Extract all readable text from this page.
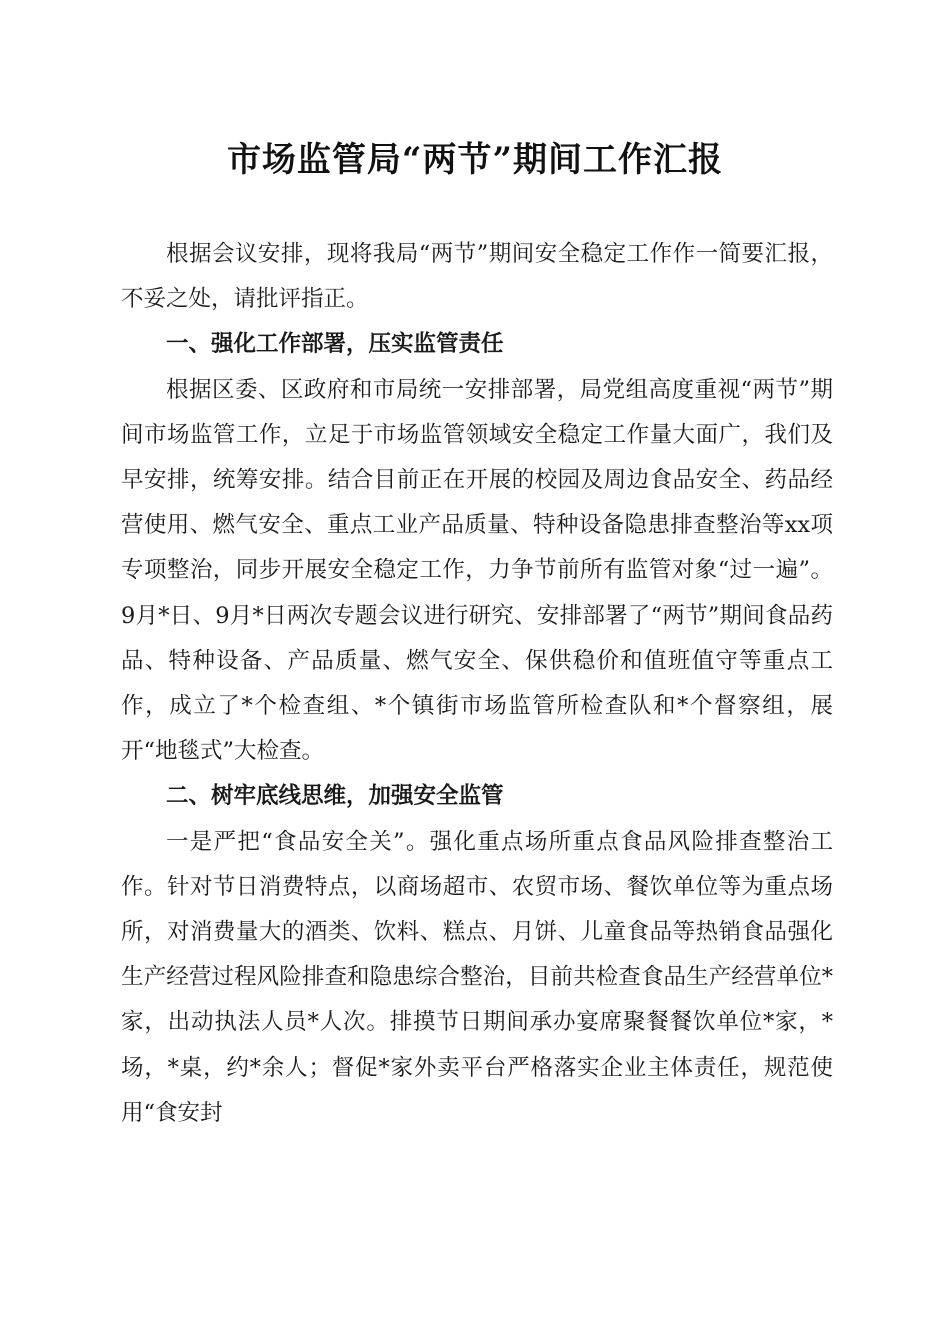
市场监管局“两节”期间工作汇报

根据会议安排，现将我局“两节”期间安全稳定工作作一简要汇报，不妥之处，请批评指正。

一、强化工作部署，压实监管责任

根据区委、区政府和市局统一安排部署，局党组高度重视“两节”期间市场监管工作，立足于市场监管领域安全稳定工作量大面广，我们及早安排，统筹安排。结合目前正在开展的校园及周边食品安全、药品经营使用、燃气安全、重点工业产品质量、特种设备隐患排查整治等xx项专项整治，同步开展安全稳定工作，力争节前所有监管对象“过一遍”。9月*日、9月*日两次专题会议进行研究、安排部署了“两节”期间食品药品、特种设备、产品质量、燃气安全、保供稳价和值班值守等重点工作，成立了*个检查组、*个镇街市场监管所检查队和*个督察组，展开“地毯式”大检查。

二、树牢底线思维，加强安全监管

一是严把“食品安全关”。强化重点场所重点食品风险排查整治工作。针对节日消费特点，以商场超市、农贸市场、餐饮单位等为重点场所，对消费量大的酒类、饮料、糕点、月饼、儿童食品等热销食品强化生产经营过程风险排查和隐患综合整治，目前共检查食品生产经营单位*家，出动执法人员*人次。排摸节日期间承办宴席聚餐餐饮单位*家，*场，*桌，约*余人；督促*家外卖平台严格落实企业主体责任，规范使用“食安封
